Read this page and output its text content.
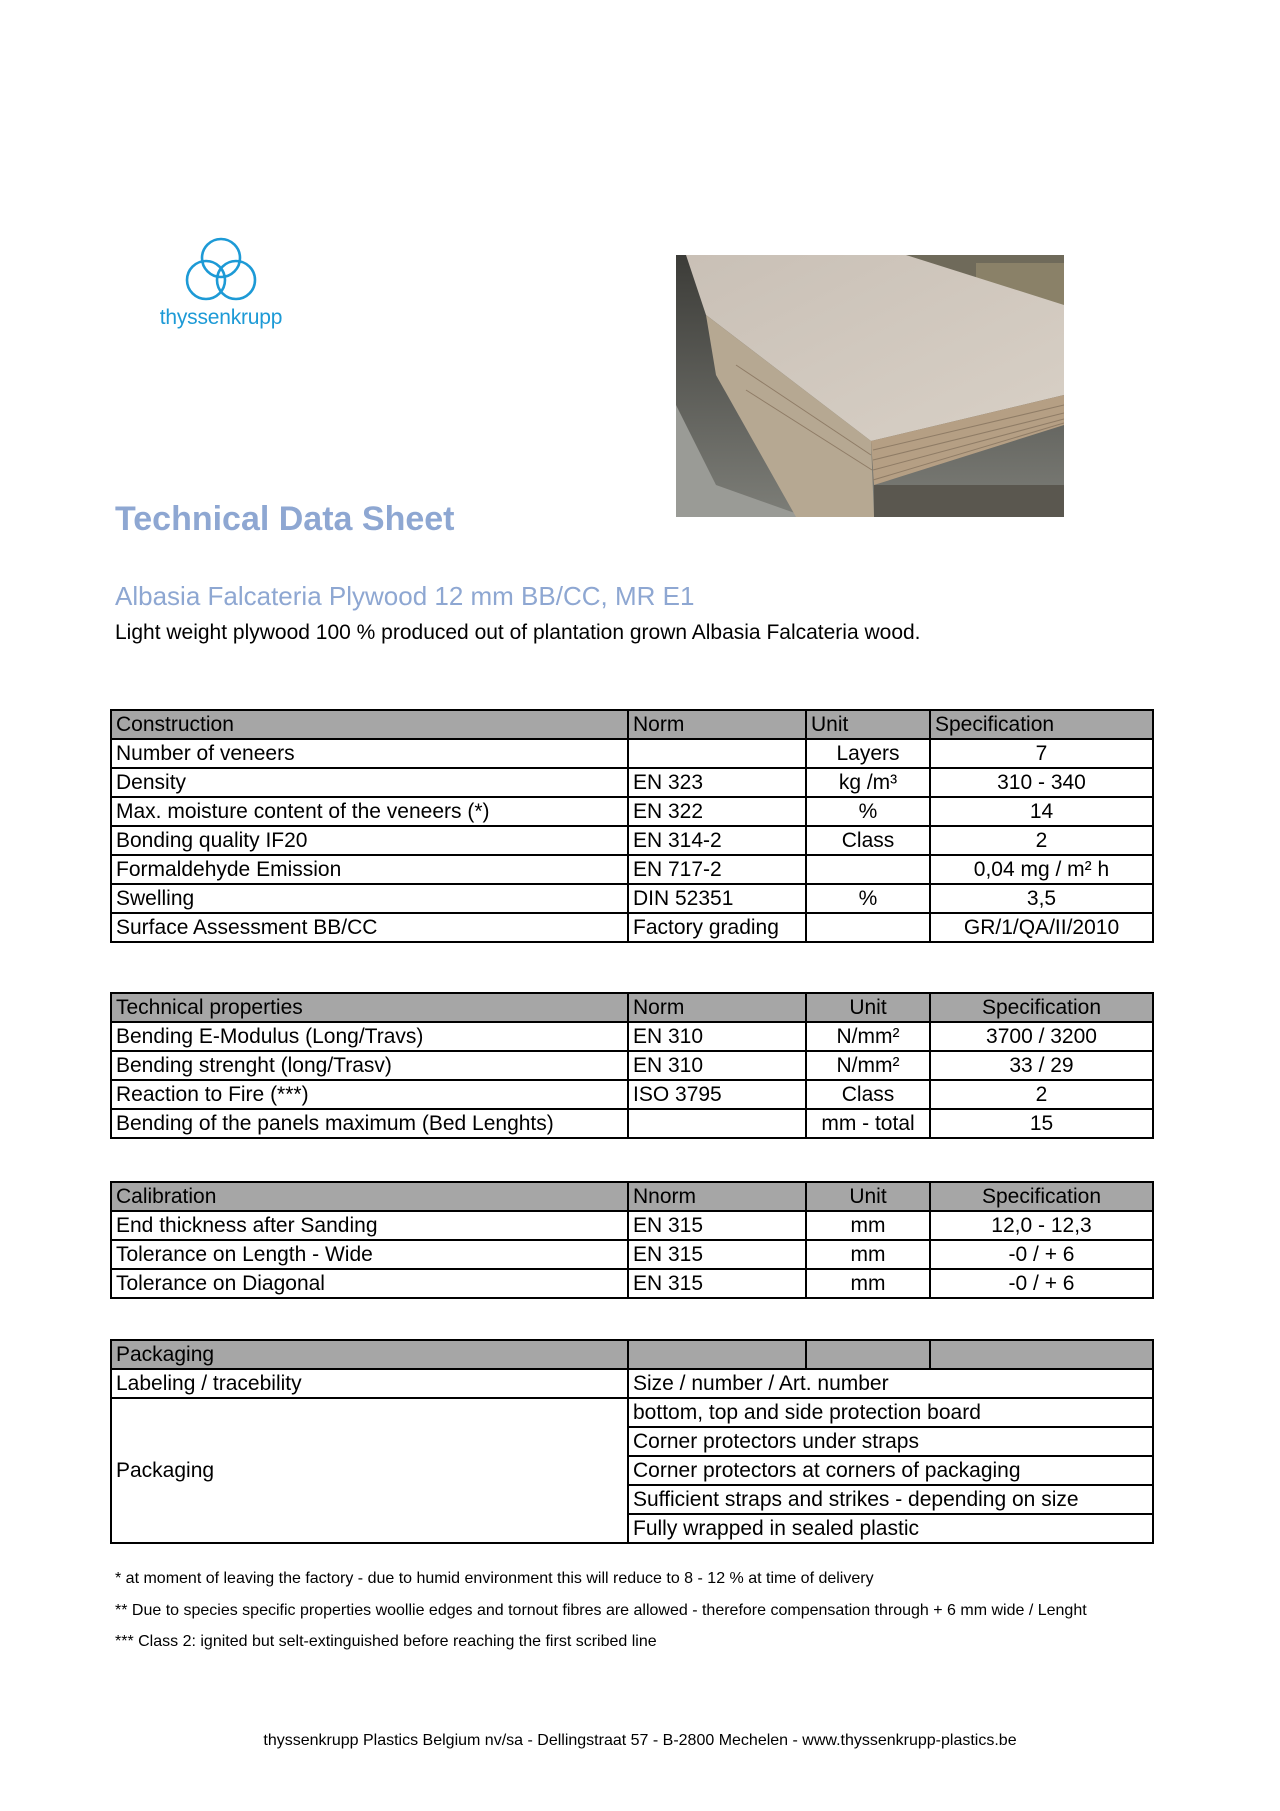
thyssenkrupp
Technical Data Sheet
Albasia Falcateria Plywood 12 mm BB/CC, MR E1
Light weight plywood 100 % produced out of plantation grown Albasia Falcateria wood.
Construction	Norm	Unit	Specification
Number of veneers		Layers	7
Density	EN 323	kg /m³	310 - 340
Max. moisture content of the veneers (*)	EN 322	%	14
Bonding quality IF20	EN 314-2	Class	2
Formaldehyde Emission	EN 717-2		0,04 mg / m² h
Swelling	DIN 52351	%	3,5
Surface Assessment BB/CC	Factory grading		GR/1/QA/II/2010
Technical properties	Norm	Unit	Specification
Bending E-Modulus (Long/Travs)	EN 310	N/mm²	3700 / 3200
Bending strenght (long/Trasv)	EN 310	N/mm²	33 / 29
Reaction to Fire (***)	ISO 3795	Class	2
Bending of the panels maximum (Bed Lenghts)		mm - total	15
Calibration	Nnorm	Unit	Specification
End thickness after Sanding	EN 315	mm	12,0 - 12,3
Tolerance on Length - Wide	EN 315	mm	-0 / + 6
Tolerance on Diagonal	EN 315	mm	-0 / + 6
Packaging			
Labeling / tracebility	Size / number / Art. number		
Packaging	bottom, top and side protection board		
	Corner protectors under straps		
	Corner protectors at corners of packaging		
	Sufficient straps and strikes - depending on size		
	Fully wrapped in sealed plastic		
* at moment of leaving the factory - due to humid environment this will reduce to 8 - 12 % at time of delivery
** Due to species specific properties woollie edges and tornout fibres are allowed - therefore compensation through + 6 mm wide / Lenght
*** Class 2: ignited but selt-extinguished before reaching the first scribed line
thyssenkrupp Plastics Belgium nv/sa - Dellingstraat 57 - B-2800 Mechelen - www.thyssenkrupp-plastics.be
